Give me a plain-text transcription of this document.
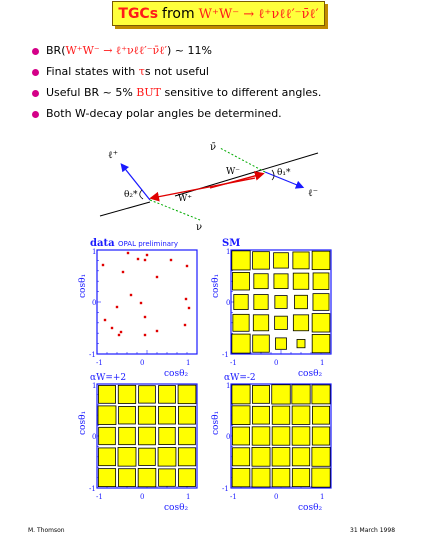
TGCs from W⁺W⁻ → ℓ⁺νℓℓ′⁻ν̄ℓ′
BR(W⁺W⁻ → ℓ⁺νℓℓ′⁻ν̄ℓ′) ~ 11%
Final states with τs not useful
Useful BR ~ 5% BUT sensitive to different angles.
Both W-decay polar angles be determined.
ℓ⁺
ν̄
W⁻	θ₁*
θ₂*	W⁺	ℓ⁻
ν
data OPAL preliminary	SM
αW=+2	αW=-2
cosθ₁	cosθ₁
cosθ₁	cosθ₁
cosθ₂	cosθ₂
cosθ₂	cosθ₂
1
0
-1
-1	0	1
1
0
-1
-1	0	1
1
0
-1
-1	0	1
1
0
-1
-1	0	1
M. Thomson	31 March 1998
